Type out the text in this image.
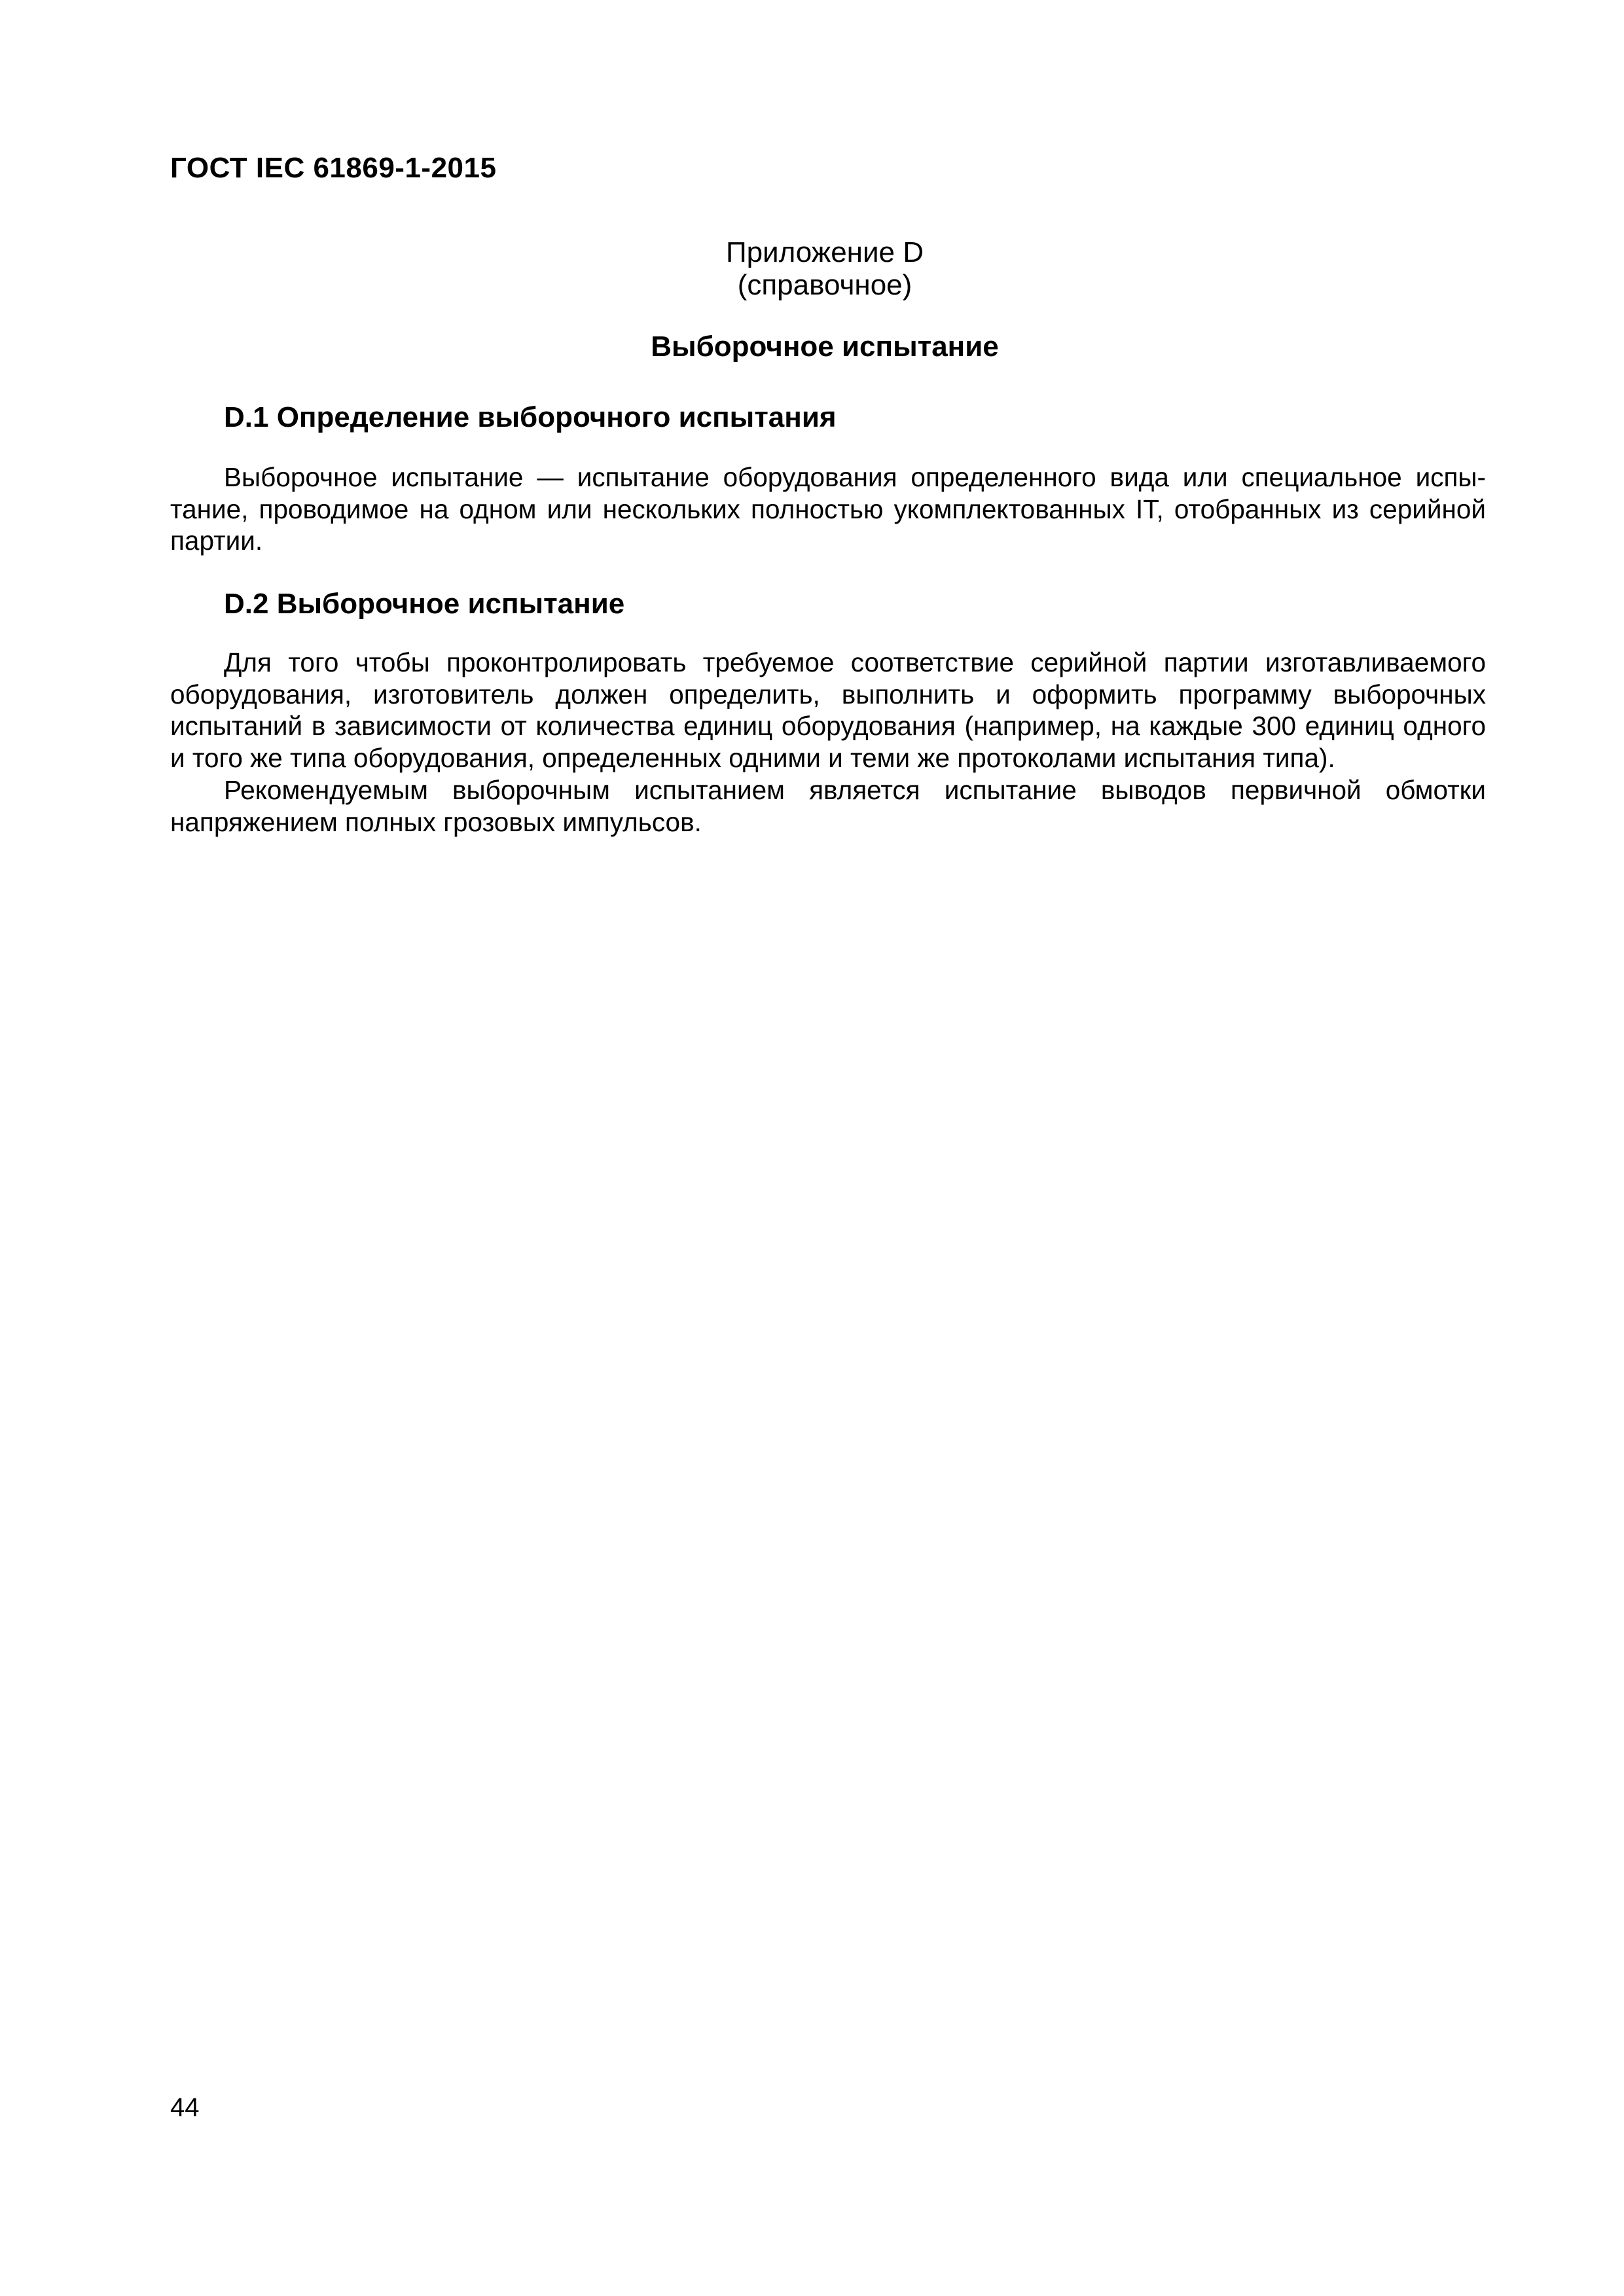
ГОСТ IEC 61869-1-2015
Приложение D
(справочное)
Выборочное испытание
D.1 Определение выборочного испытания

Выборочное испытание — испытание оборудования определенного вида или специальное испы-тание, проводимое на одном или нескольких полностью укомплектованных IT, отобранных из серийной партии.

D.2 Выборочное испытание

Для того чтобы проконтролировать требуемое соответствие серийной партии изготавливаемого оборудования, изготовитель должен определить, выполнить и оформить программу выборочных испытаний в зависимости от количества единиц оборудования (например, на каждые 300 единиц одного и того же типа оборудования, определенных одними и теми же протоколами испытания типа).

Рекомендуемым выборочным испытанием является испытание выводов первичной обмотки напряжением полных грозовых импульсов.

44
